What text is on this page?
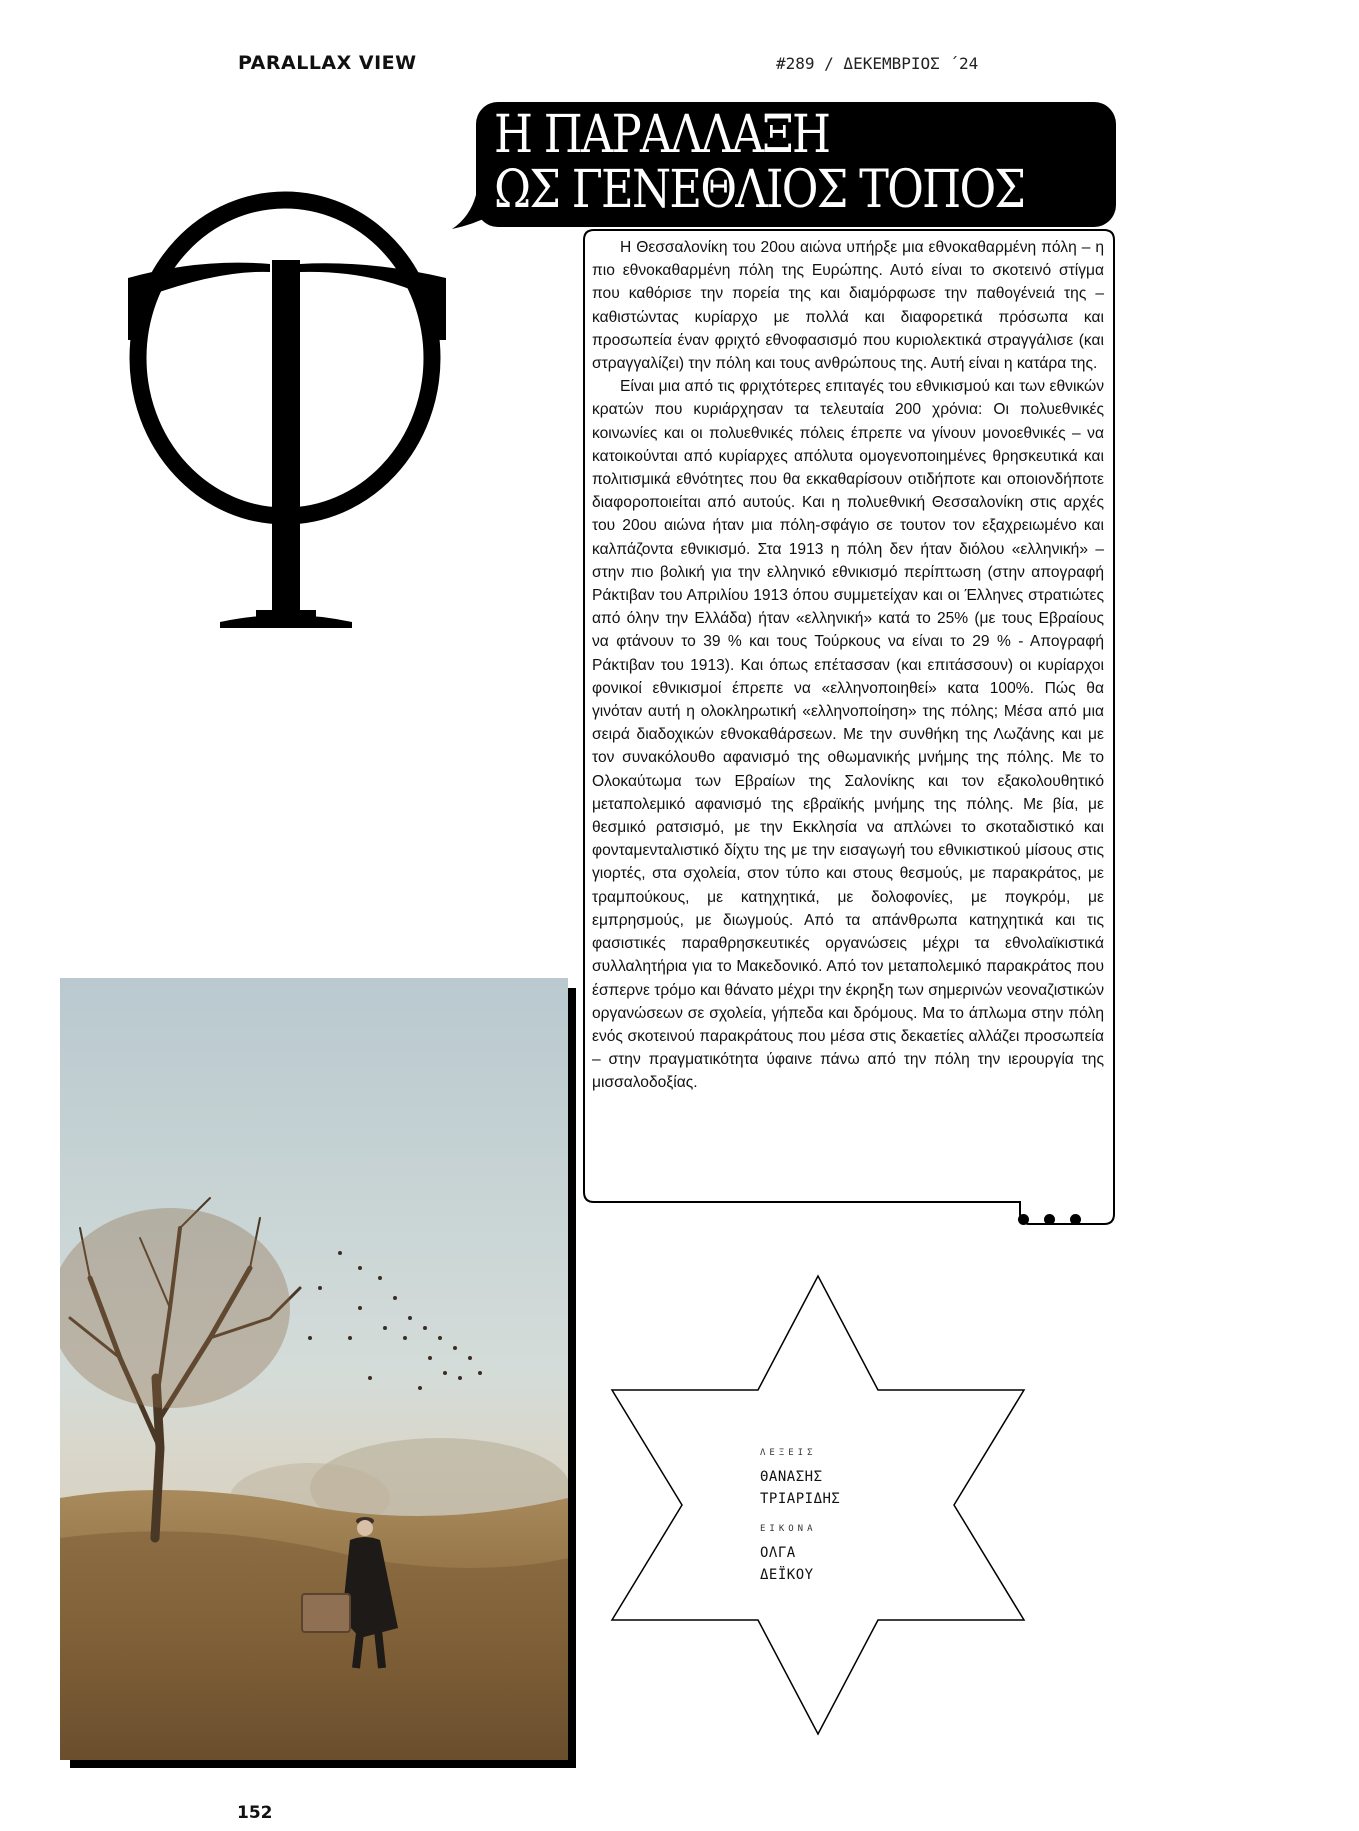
PARALLAX VIEW	#289 / ΔΕΚΕΜΒΡΙΟΣ ΄24
Η ΠΑΡΑΛΛΑΞΗ
ΩΣ ΓΕΝΕΘΛΙΟΣ ΤΟΠΟΣ

Η Θεσσαλονίκη του 20ου αιώνα υπήρξε μια εθνοκαθαρμένη πόλη – η πιο εθνοκαθαρμένη πόλη της Ευρώπης. Αυτό είναι το σκοτεινό στίγμα που καθόρισε την πορεία της και διαμόρφωσε την παθογένειά της – καθιστώντας κυρίαρχο με πολλά και διαφορετικά πρόσωπα και προσωπεία έναν φριχτό εθνοφασισμό που κυριολεκτικά στραγγάλισε (και στραγγαλίζει) την πόλη και τους ανθρώπους της. Αυτή είναι η κατάρα της.

Είναι μια από τις φριχτότερες επιταγές του εθνικισμού και των εθνικών κρατών που κυριάρχησαν τα τελευταία 200 χρόνια: Οι πολυεθνικές κοινωνίες και οι πολυεθνικές πόλεις έπρεπε να γίνουν μονοεθνικές – να κατοικούνται από κυρίαρχες απόλυτα ομογενοποιημένες θρησκευτικά και πολιτισμικά εθνότητες που θα εκκαθαρίσουν οτιδήποτε και οποιονδήποτε διαφοροποιείται από αυτούς. Και η πολυεθνική Θεσσαλονίκη στις αρχές του 20ου αιώνα ήταν μια πόλη-σφάγιο σε τουτον τον εξαχρειωμένο και καλπάζοντα εθνικισμό. Στα 1913 η πόλη δεν ήταν διόλου «ελληνική» – στην πιο βολική για την ελληνικό εθνικισμό περίπτωση (στην απογραφή Ράκτιβαν του Απριλίου 1913 όπου συμμετείχαν και οι Έλληνες στρατιώτες από όλην την Ελλάδα) ήταν «ελληνική» κατά το 25% (με τους Εβραίους να φτάνουν το 39 % και τους Τούρκους να είναι το 29 % - Απογραφή Ράκτιβαν του 1913). Και όπως επέτασσαν (και επιτάσσουν) οι κυρίαρχοι φονικοί εθνικισμοί έπρεπε να «ελληνοποιηθεί» κατα 100%. Πώς θα γινόταν αυτή η ολοκληρωτική «ελληνοποίηση» της πόλης; Μέσα από μια σειρά διαδοχικών εθνοκαθάρσεων. Με την συνθήκη της Λωζάνης και με τον συνακόλουθο αφανισμό της οθωμανικής μνήμης της πόλης. Με το Ολοκαύτωμα των Εβραίων της Σαλονίκης και τον εξακολουθητικό μεταπολεμικό αφανισμό της εβραϊκής μνήμης της πόλης. Με βία, με θεσμικό ρατσισμό, με την Εκκλησία να απλώνει το σκοταδιστικό και φονταμενταλιστικό δίχτυ της με την εισαγωγή του εθνικιστικού μίσους στις γιορτές, στα σχολεία, στον τύπο και στους θεσμούς, με παρακράτος, με τραμπούκους, με κατηχητικά, με δολοφονίες, με πογκρόμ, με εμπρησμούς, με διωγμούς. Από τα απάνθρωπα κατηχητικά και τις φασιστικές παραθρησκευτικές οργανώσεις μέχρι τα εθνολαϊκιστικά συλλαλητήρια για το Μακεδονικό. Από τον μεταπολεμικό παρακράτος που έσπερνε τρόμο και θάνατο μέχρι την έκρηξη των σημερινών νεοναζιστικών οργανώσεων σε σχολεία, γήπεδα και δρόμους. Μα το άπλωμα στην πόλη ενός σκοτεινού παρακράτους που μέσα στις δεκαετίες αλλάζει προσωπεία – στην πραγματικότητα ύφαινε πάνω από την πόλη την ιερουργία της μισσαλοδοξίας.

ΛΕΞΕΙΣ
ΘΑΝΑΣΗΣ
ΤΡΙΑΡΙΔΗΣ
ΕΙΚΟΝΑ
ΟΛΓΑ
ΔΕΪΚΟΥ
152
